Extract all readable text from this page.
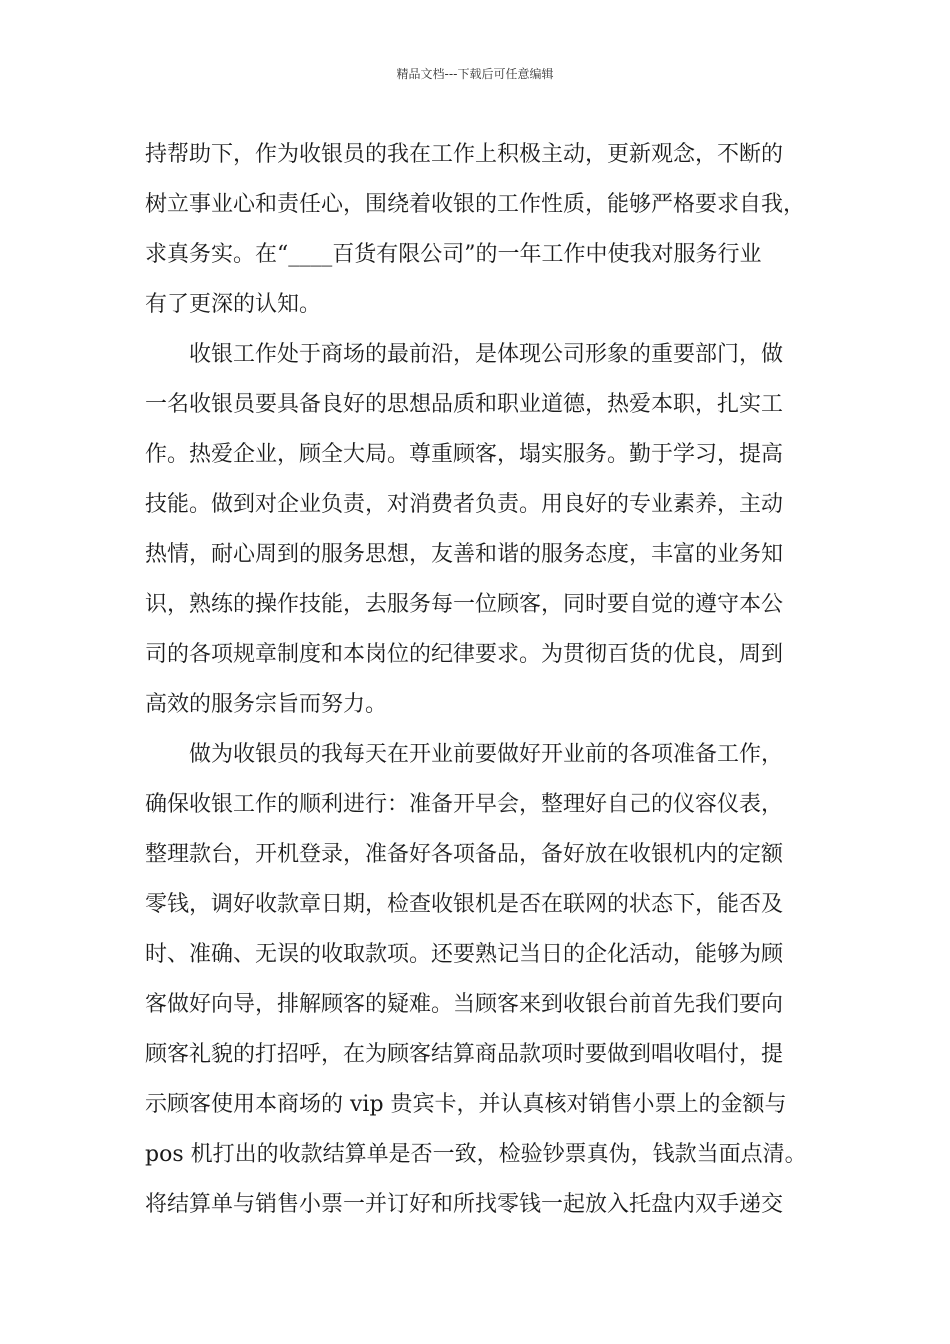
精品文档---下载后可任意编辑
持帮助下，作为收银员的我在工作上积极主动，更新观念，不断的
树立事业心和责任心，围绕着收银的工作性质，能够严格要求自我，
求真务实。在“____百货有限公司”的一年工作中使我对服务行业
有了更深的认知。
收银工作处于商场的最前沿，是体现公司形象的重要部门，做
一名收银员要具备良好的思想品质和职业道德，热爱本职，扎实工
作。热爱企业，顾全大局。尊重顾客，塌实服务。勤于学习，提高
技能。做到对企业负责，对消费者负责。用良好的专业素养，主动
热情，耐心周到的服务思想，友善和谐的服务态度，丰富的业务知
识，熟练的操作技能，去服务每一位顾客，同时要自觉的遵守本公
司的各项规章制度和本岗位的纪律要求。为贯彻百货的优良，周到
高效的服务宗旨而努力。
做为收银员的我每天在开业前要做好开业前的各项准备工作，
确保收银工作的顺利进行：准备开早会，整理好自己的仪容仪表，
整理款台，开机登录，准备好各项备品，备好放在收银机内的定额
零钱，调好收款章日期，检查收银机是否在联网的状态下，能否及
时、准确、无误的收取款项。还要熟记当日的企化活动，能够为顾
客做好向导，排解顾客的疑难。当顾客来到收银台前首先我们要向
顾客礼貌的打招呼，在为顾客结算商品款项时要做到唱收唱付，提
示顾客使用本商场的 vip 贵宾卡，并认真核对销售小票上的金额与
pos 机打出的收款结算单是否一致，检验钞票真伪，钱款当面点清。
将结算单与销售小票一并订好和所找零钱一起放入托盘内双手递交
